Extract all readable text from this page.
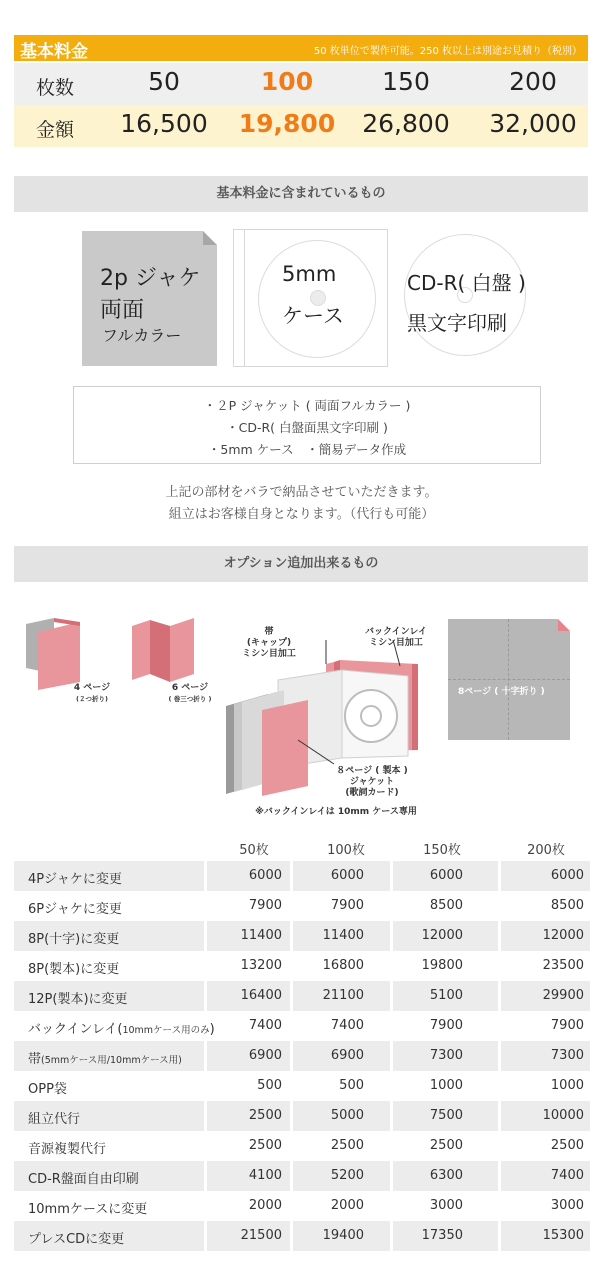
基本料金	50 枚単位で製作可能。250 枚以上は別途お見積り（税別）
枚数	50	100	150	200
金額	16,500	19,800	26,800	32,000
基本料金に含まれているもの
2p ジャケ
両面
フルカラー
5mm
ケース
CD-R( 白盤 )
黒文字印刷
・２P ジャケット ( 両面フルカラー )
・CD-R( 白盤面黒文字印刷 )
・5mm ケース　・簡易データ作成
上記の部材をバラで納品させていただきます。
組立はお客様自身となります。（代行も可能）
オプション追加出来るもの
4 ページ
(２つ折り)
6 ページ
( 巻三つ折り )
帯
(キャップ)
ミシン目加工
バックインレイ
ミシン目加工
８ページ ( 製本 )
ジャケット
(歌詞カード)
※バックインレイは 10mm ケース専用
8ページ ( 十字折り )
50枚	100枚	150枚	200枚
4Pジャケに変更	6000	6000	6000	6000
6Pジャケに変更	7900	7900	8500	8500
8P(十字)に変更	11400	11400	12000	12000
8P(製本)に変更	13200	16800	19800	23500
12P(製本)に変更	16400	21100	5100	29900
バックインレイ(10mmケース用のみ)	7400	7400	7900	7900
帯(5mmケース用/10mmケース用)	6900	6900	7300	7300
OPP袋	500	500	1000	1000
組立代行	2500	5000	7500	10000
音源複製代行	2500	2500	2500	2500
CD-R盤面自由印刷	4100	5200	6300	7400
10mmケースに変更	2000	2000	3000	3000
プレスCDに変更	21500	19400	17350	15300
